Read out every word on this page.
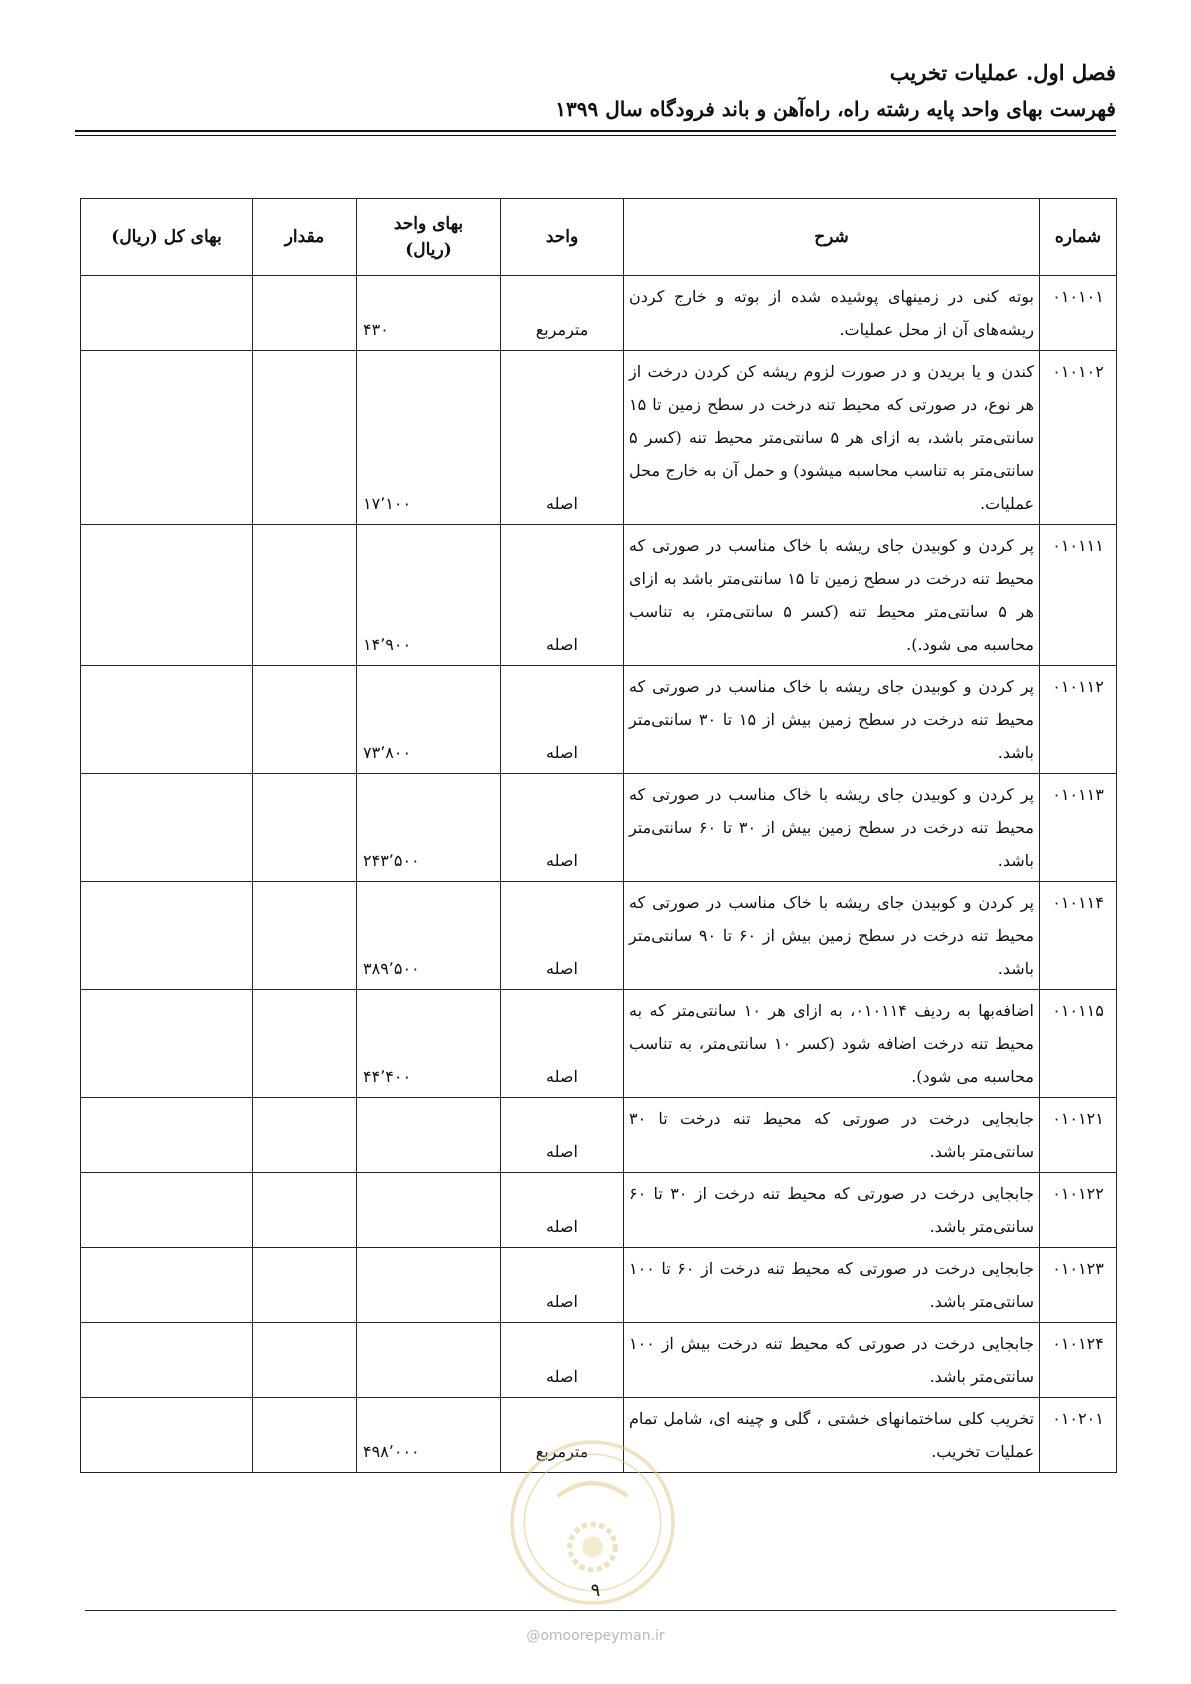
فصل اول. عملیات تخریب
فهرست بهای واحد پایه رشته راه، راه‌آهن و باند فرودگاه سال ۱۳۹۹
شماره	شرح	واحد	بهای واحد
(ریال)	مقدار	بهای کل (ریال)
۰۱۰۱۰۱	بوته کنی در زمینهای پوشیده شده از بوته و خارج کردن ریشه‌های آن از محل عملیات.	مترمربع	۴۳۰		
۰۱۰۱۰۲	کندن و یا بریدن و در صورت لزوم ریشه کن کردن درخت از هر نوع، در صورتی که محیط تنه درخت در سطح زمین تا ۱۵ سانتی‌متر باشد، به ازای هر ۵ سانتی‌متر محیط تنه (کسر ۵ سانتی‌متر به تناسب محاسبه میشود) و حمل آن به خارج محل عملیات.	اصله	۱۷٬۱۰۰		
۰۱۰۱۱۱	پر کردن و کوبیدن جای ریشه با خاک مناسب در صورتی که محیط تنه درخت در سطح زمین تا ۱۵ سانتی‌متر باشد به ازای هر ۵ سانتی‌متر محیط تنه (کسر ۵ سانتی‌متر، به تناسب محاسبه می شود.).	اصله	۱۴٬۹۰۰		
۰۱۰۱۱۲	پر کردن و کوبیدن جای ریشه با خاک مناسب در صورتی که محیط تنه درخت در سطح زمین بیش از ۱۵ تا ۳۰ سانتی‌متر باشد.	اصله	۷۳٬۸۰۰		
۰۱۰۱۱۳	پر کردن و کوبیدن جای ریشه با خاک مناسب در صورتی که محیط تنه درخت در سطح زمین بیش از ۳۰ تا ۶۰ سانتی‌متر باشد.	اصله	۲۴۳٬۵۰۰		
۰۱۰۱۱۴	پر کردن و کوبیدن جای ریشه با خاک مناسب در صورتی که محیط تنه درخت در سطح زمین بیش از ۶۰ تا ۹۰ سانتی‌متر باشد.	اصله	۳۸۹٬۵۰۰		
۰۱۰۱۱۵	اضافه‌بها به ردیف ۰۱۰۱۱۴، به ازای هر ۱۰ سانتی‌متر که به محیط تنه درخت اضافه شود (کسر ۱۰ سانتی‌متر، به تناسب محاسبه می شود).	اصله	۴۴٬۴۰۰		
۰۱۰۱۲۱	جابجایی درخت در صورتی که محیط تنه درخت تا ۳۰ سانتی‌متر باشد.	اصله			
۰۱۰۱۲۲	جابجایی درخت در صورتی که محیط تنه درخت از ۳۰ تا ۶۰ سانتی‌متر باشد.	اصله			
۰۱۰۱۲۳	جابجایی درخت در صورتی که محیط تنه درخت از ۶۰ تا ۱۰۰ سانتی‌متر باشد.	اصله			
۰۱۰۱۲۴	جابجایی درخت در صورتی که محیط تنه درخت بیش از ۱۰۰ سانتی‌متر باشد.	اصله			
۰۱۰۲۰۱	تخریب کلی ساختمانهای خشتی ، گلی و چینه ای، شامل تمام عملیات تخریب.	مترمربع	۴۹۸٬۰۰۰		
۹
@omoorepeyman.ir
